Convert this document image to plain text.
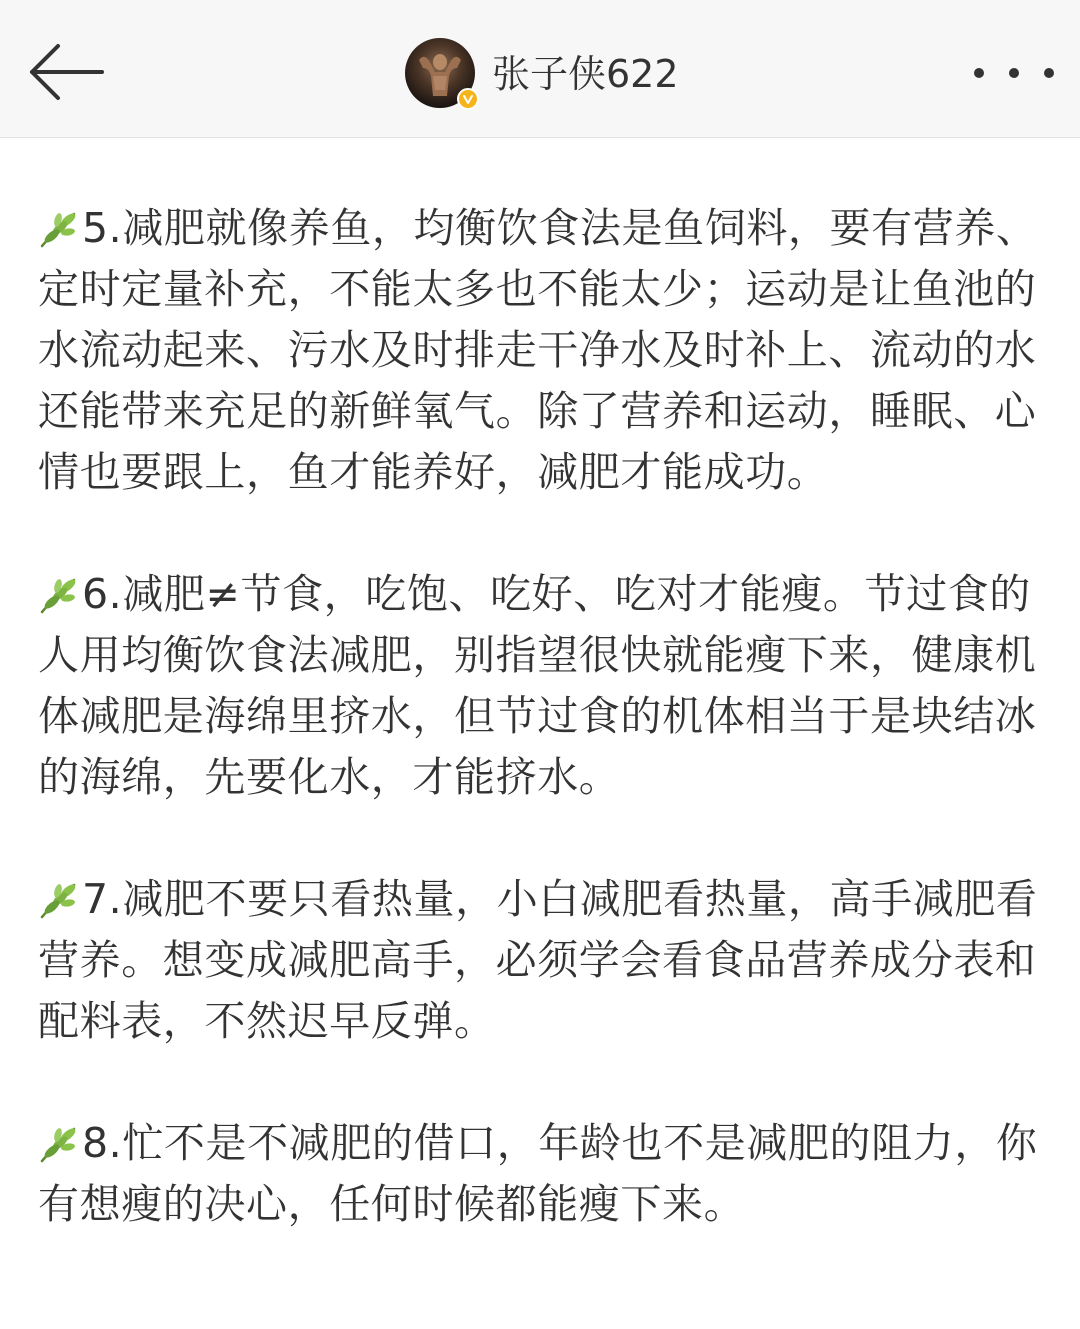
张子侠622

5.减肥就像养鱼，均衡饮食法是鱼饲料，要有营养、定时定量补充，不能太多也不能太少；运动是让鱼池的水流动起来、污水及时排走干净水及时补上、流动的水还能带来充足的新鲜氧气。除了营养和运动，睡眠、心情也要跟上，鱼才能养好，减肥才能成功。

6.减肥≠节食，吃饱、吃好、吃对才能瘦。节过食的人用均衡饮食法减肥，别指望很快就能瘦下来，健康机体减肥是海绵里挤水，但节过食的机体相当于是块结冰的海绵，先要化水，才能挤水。

7.减肥不要只看热量，小白减肥看热量，高手减肥看营养。想变成减肥高手，必须学会看食品营养成分表和配料表，不然迟早反弹。

8.忙不是不减肥的借口，年龄也不是减肥的阻力，你有想瘦的决心，任何时候都能瘦下来。
